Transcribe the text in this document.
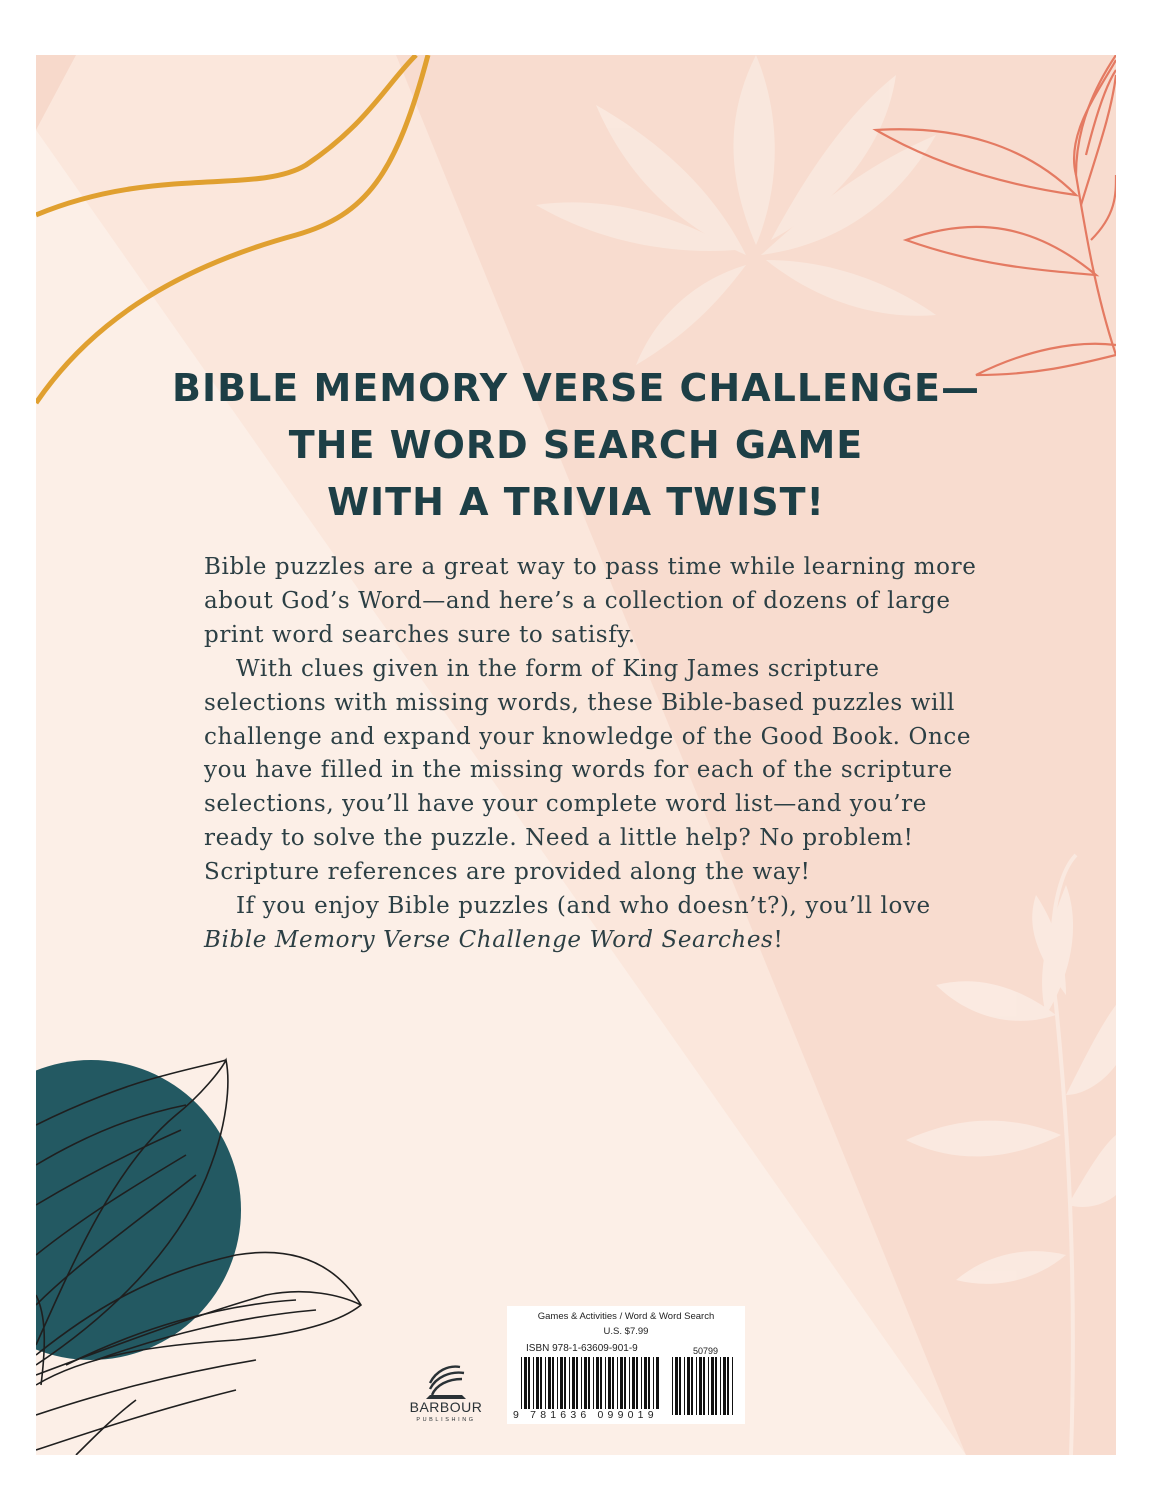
BIBLE MEMORY VERSE CHALLENGE—
THE WORD SEARCH GAME
WITH A TRIVIA TWIST!

Bible puzzles are a great way to pass time while learning more about God’s Word—and here’s a collection of dozens of large print word searches sure to satisfy.

With clues given in the form of King James scripture selections with missing words, these Bible-based puzzles will challenge and expand your knowledge of the Good Book. Once you have filled in the missing words for each of the scripture selections, you’ll have your complete word list—and you’re ready to solve the puzzle. Need a little help? No problem! Scripture references are provided along the way!

If you enjoy Bible puzzles (and who doesn’t?), you’ll love Bible Memory Verse Challenge Word Searches!

BARBOUR
PUBLISHING
Games & Activities / Word & Word Search
U.S. $7.99
ISBN 978-1-63609-901-9	50799
9 781636 099019
